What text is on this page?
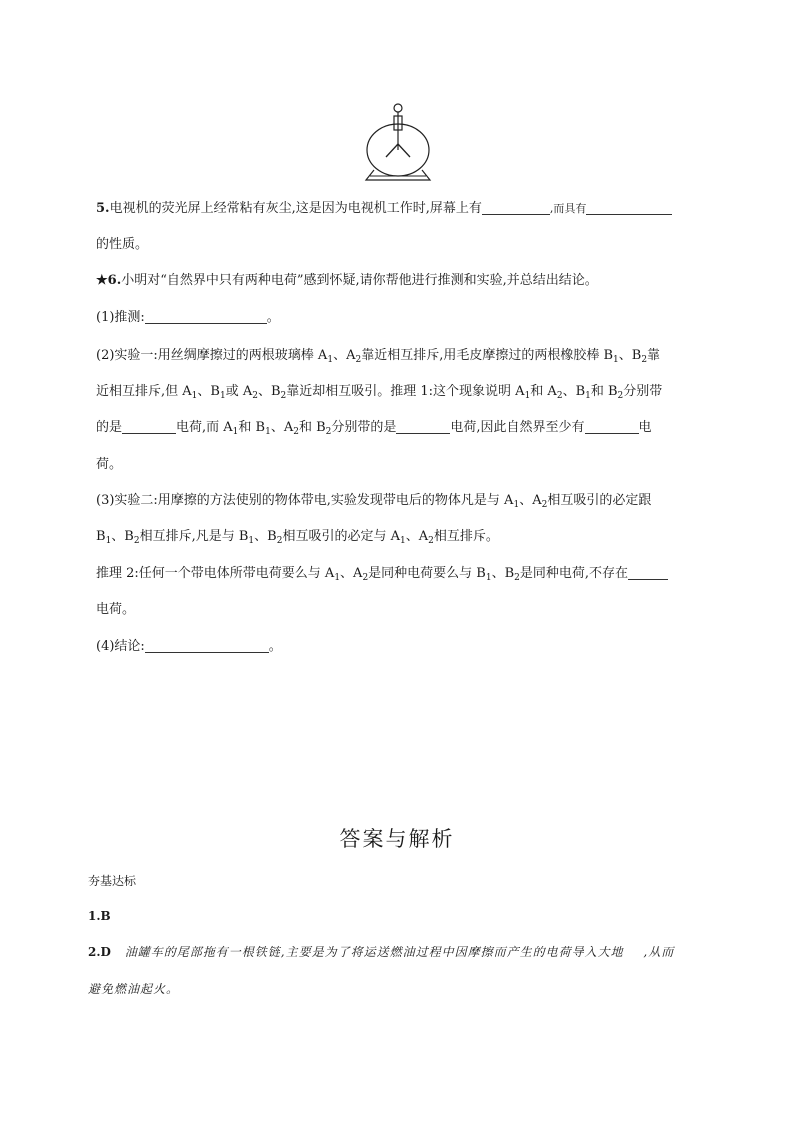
5.电视机的荧光屏上经常粘有灰尘,这是因为电视机工作时,屏幕上有	,而具有
的性质。
★6.小明对“自然界中只有两种电荷”感到怀疑,请你帮他进行推测和实验,并总结出结论。
(1)推测:	。
(2)实验一:用丝绸摩擦过的两根玻璃棒 $A_1$、$A_2$靠近相互排斥,用毛皮摩擦过的两根橡胶棒 $B_1$、$B_2$靠
近相互排斥,但 $A_1$、$B_1$或 $A_2$、$B_2$靠近却相互吸引。推理 1:这个现象说明 $A_1$和 $A_2$、$B_1$和 $B_2$分别带
的是	电荷,而 $A_1$和 $B_1$、$A_2$和 $B_2$分别带的是	电荷,因此自然界至少有	电
荷。
(3)实验二:用摩擦的方法使别的物体带电,实验发现带电后的物体凡是与 $A_1$、$A_2$相互吸引的必定跟
$B_1$、$B_2$相互排斥,凡是与 $B_1$、$B_2$相互吸引的必定与 $A_1$、$A_2$相互排斥。
推理 2:任何一个带电体所带电荷要么与 $A_1$、$A_2$是同种电荷要么与 $B_1$、$B_2$是同种电荷,不存在
电荷。
(4)结论:	。
答案与解析
夯基达标
1.B
2.D 油罐车的尾部拖有一根铁链,主要是为了将运送燃油过程中因摩擦而产生的电荷导入大地 ,从而
避免燃油起火。
